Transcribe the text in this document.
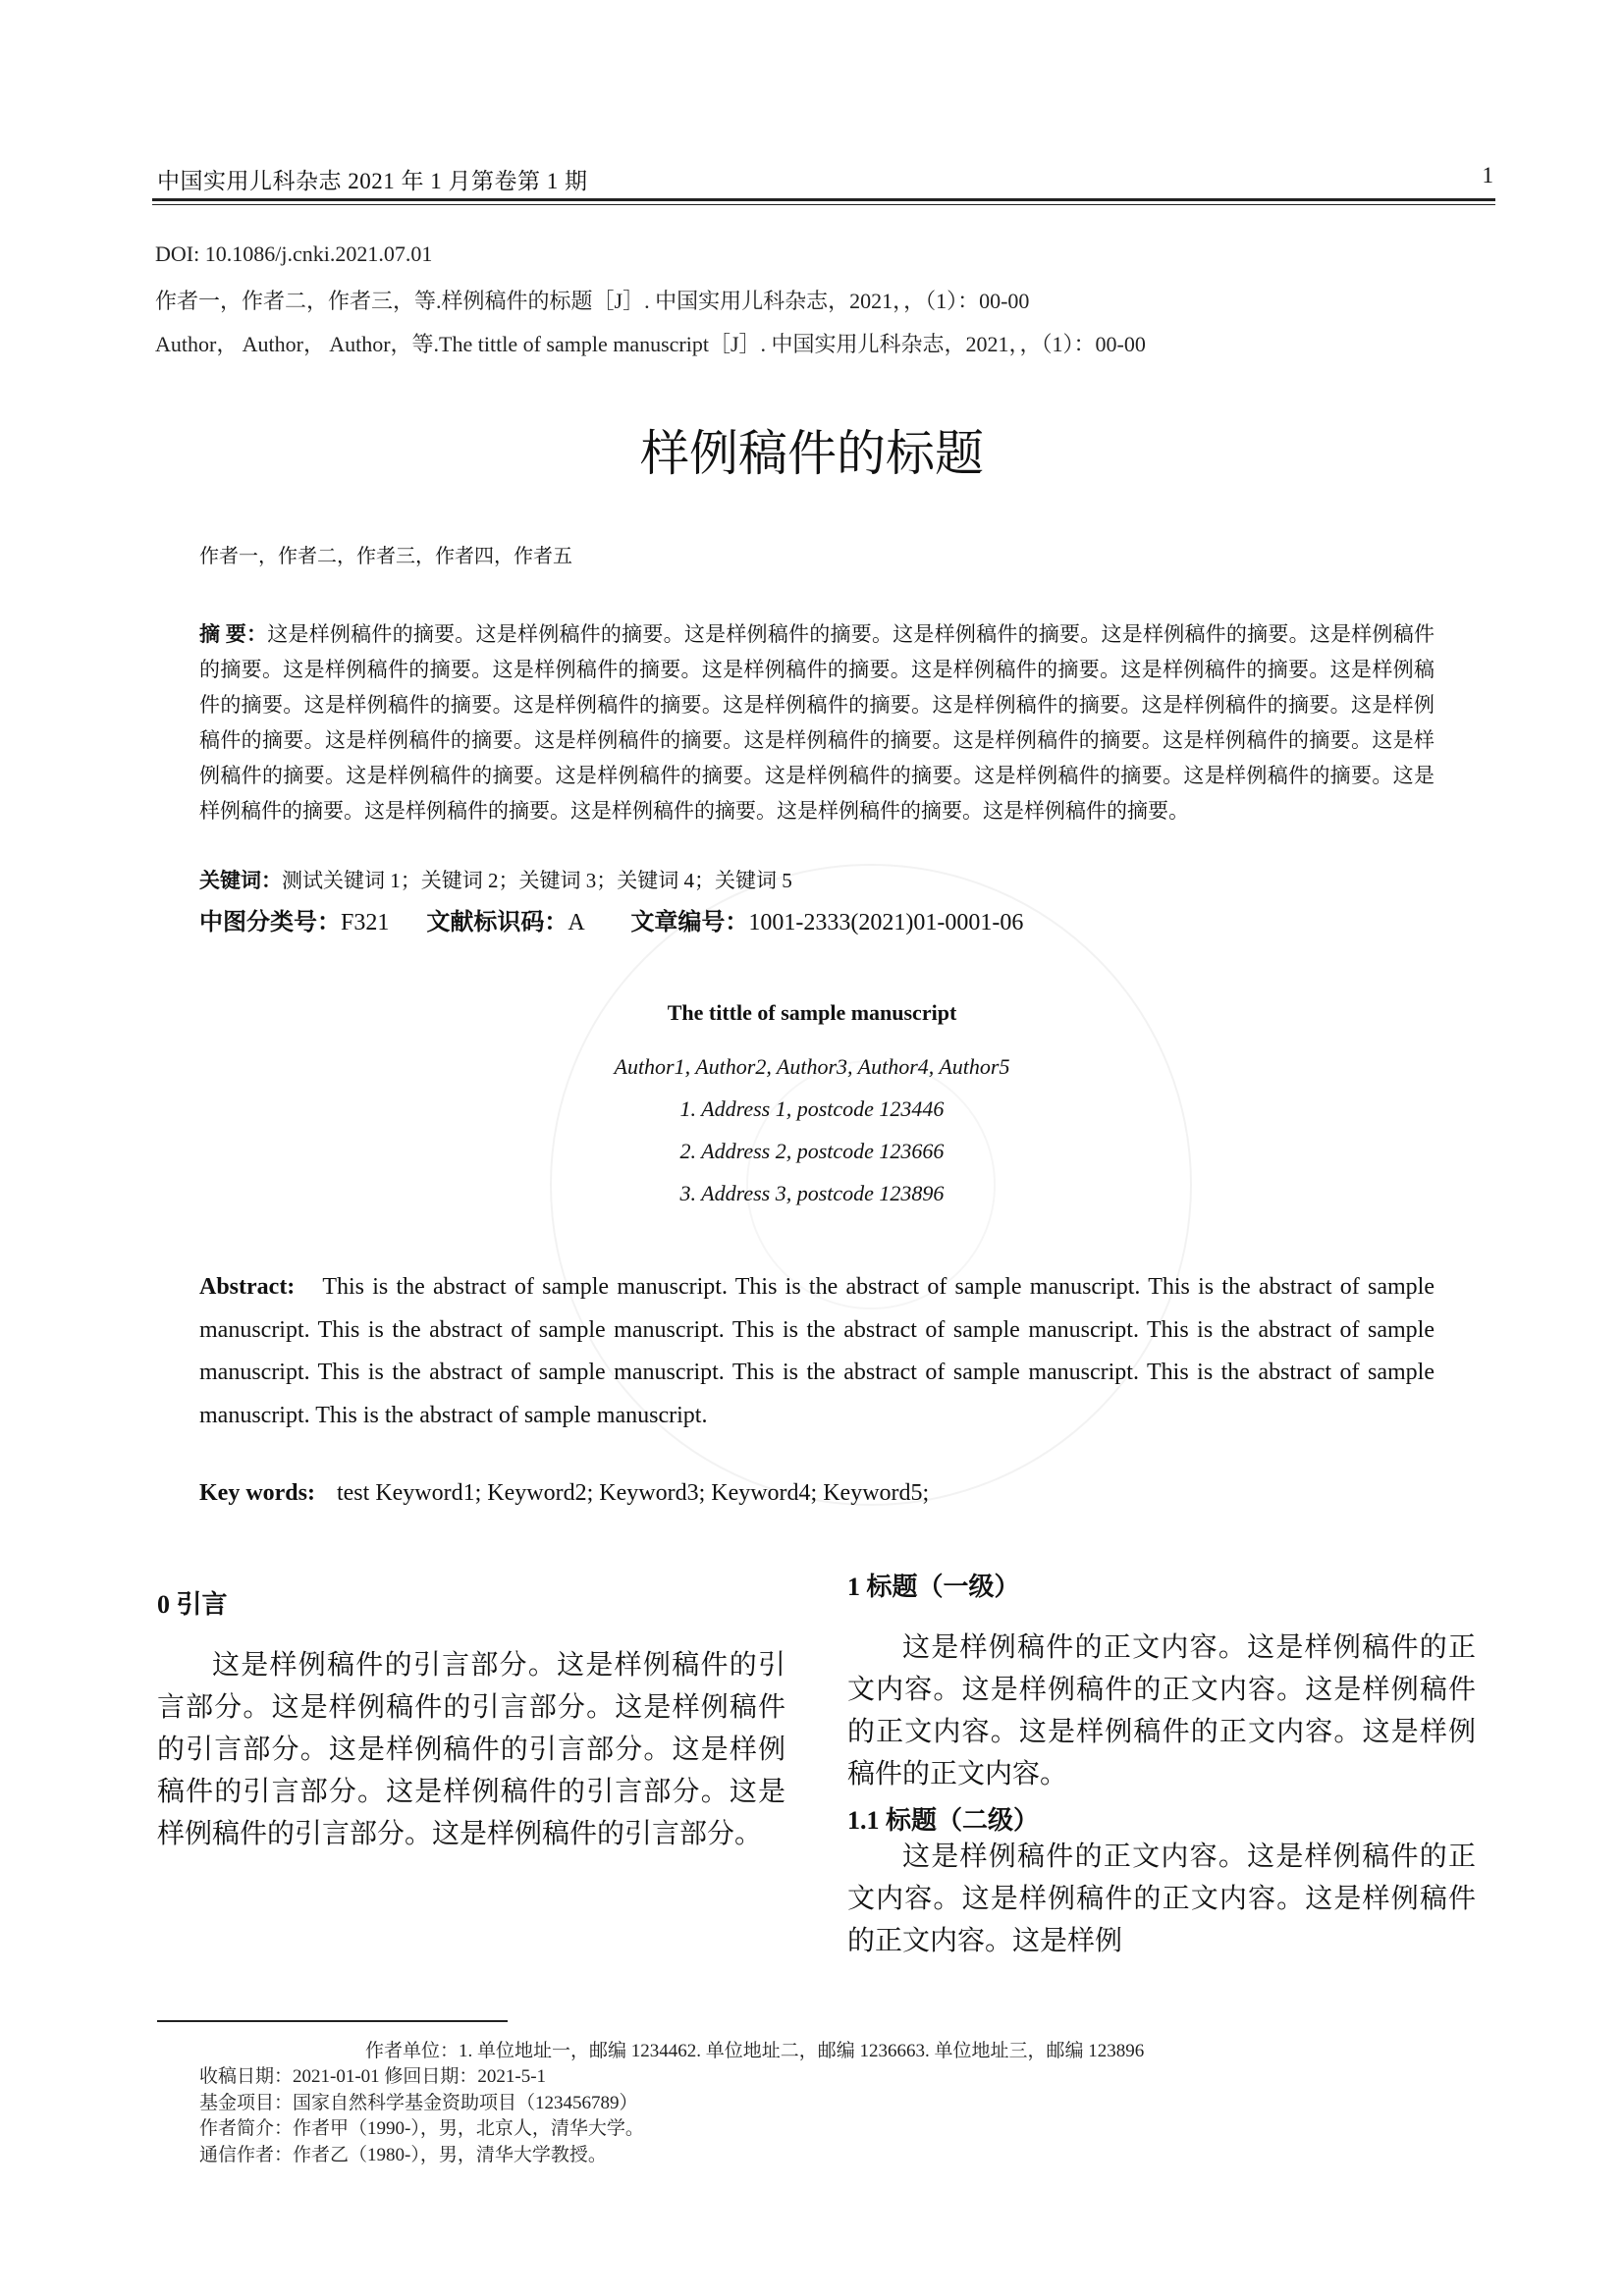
中国实用儿科杂志 2021 年 1 月第卷第 1 期	1
DOI: 10.1086/j.cnki.2021.07.01
作者一，作者二，作者三，等.样例稿件的标题［J］. 中国实用儿科杂志，2021，，（1）：00-00
Author， Author， Author，等.The tittle of sample manuscript［J］. 中国实用儿科杂志，2021，，（1）：00-00
样例稿件的标题
作者一，作者二，作者三，作者四，作者五
摘 要：这是样例稿件的摘要。这是样例稿件的摘要。这是样例稿件的摘要。这是样例稿件的摘要。这是样例稿件的摘要。这是样例稿件的摘要。这是样例稿件的摘要。这是样例稿件的摘要。这是样例稿件的摘要。这是样例稿件的摘要。这是样例稿件的摘要。这是样例稿件的摘要。这是样例稿件的摘要。这是样例稿件的摘要。这是样例稿件的摘要。这是样例稿件的摘要。这是样例稿件的摘要。这是样例稿件的摘要。这是样例稿件的摘要。这是样例稿件的摘要。这是样例稿件的摘要。这是样例稿件的摘要。这是样例稿件的摘要。这是样例稿件的摘要。这是样例稿件的摘要。这是样例稿件的摘要。这是样例稿件的摘要。这是样例稿件的摘要。这是样例稿件的摘要。这是样例稿件的摘要。这是样例稿件的摘要。这是样例稿件的摘要。这是样例稿件的摘要。这是样例稿件的摘要。
关键词：测试关键词 1；关键词 2；关键词 3；关键词 4；关键词 5
中图分类号：F321 文献标识码：A 文章编号：1001-2333(2021)01-0001-06
The tittle of sample manuscript
Author1, Author2, Author3, Author4, Author5
1. Address 1, postcode 123446
2. Address 2, postcode 123666
3. Address 3, postcode 123896
Abstract: This is the abstract of sample manuscript. This is the abstract of sample manuscript. This is the abstract of sample manuscript. This is the abstract of sample manuscript. This is the abstract of sample manuscript. This is the abstract of sample manuscript. This is the abstract of sample manuscript. This is the abstract of sample manuscript. This is the abstract of sample manuscript. This is the abstract of sample manuscript.
Key words: test Keyword1; Keyword2; Keyword3; Keyword4; Keyword5;
0 引言
这是样例稿件的引言部分。这是样例稿件的引言部分。这是样例稿件的引言部分。这是样例稿件的引言部分。这是样例稿件的引言部分。这是样例稿件的引言部分。这是样例稿件的引言部分。这是样例稿件的引言部分。这是样例稿件的引言部分。
1 标题（一级）
这是样例稿件的正文内容。这是样例稿件的正文内容。这是样例稿件的正文内容。这是样例稿件的正文内容。这是样例稿件的正文内容。这是样例稿件的正文内容。
1.1 标题（二级）
这是样例稿件的正文内容。这是样例稿件的正文内容。这是样例稿件的正文内容。这是样例稿件的正文内容。这是样例
作者单位：1. 单位地址一，邮编 1234462. 单位地址二，邮编 1236663. 单位地址三，邮编 123896
收稿日期：2021-01-01 修回日期：2021-5-1
基金项目：国家自然科学基金资助项目（123456789）
作者简介：作者甲（1990-），男，北京人，清华大学。
通信作者：作者乙（1980-），男，清华大学教授。
